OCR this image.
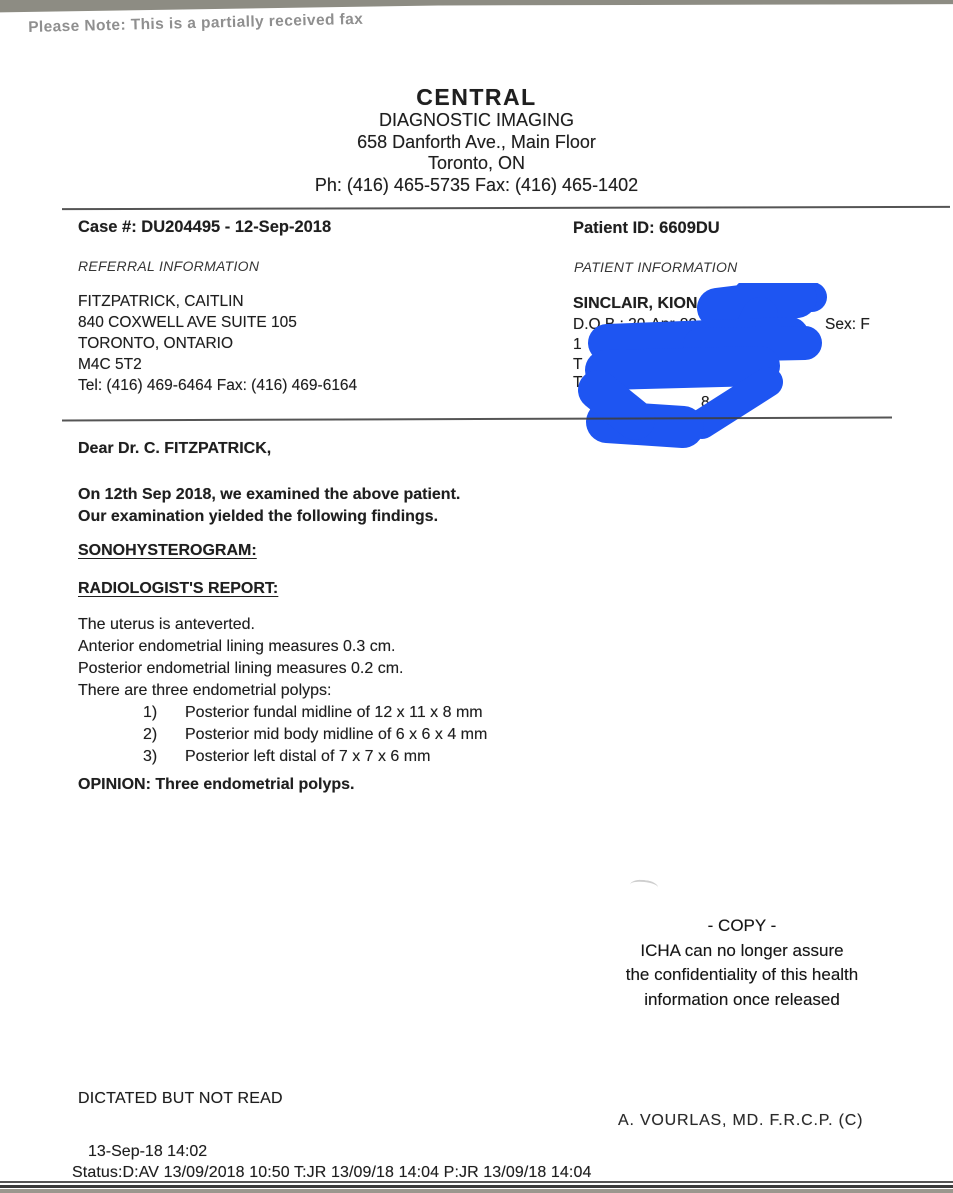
Please Note: This is a partially received fax
CENTRAL
DIAGNOSTIC IMAGING
658 Danforth Ave., Main Floor
Toronto, ON
Ph: (416) 465-5735 Fax: (416) 465-1402
Case #: DU204495 - 12-Sep-2018	Patient ID: 6609DU
REFERRAL INFORMATION	PATIENT INFORMATION
FITZPATRICK, CAITLIN
840 COXWELL AVE SUITE 105
TORONTO, ONTARIO
M4C 5T2
Tel: (416) 469-6464 Fax: (416) 469-6164
SINCLAIR, KIONA AN
D.O.B.: 20-Apr-82	Sex: F
1
T
Te
8
Dear Dr. C. FITZPATRICK,
On 12th Sep 2018, we examined the above patient.
Our examination yielded the following findings.
SONOHYSTEROGRAM:
RADIOLOGIST'S REPORT:
The uterus is anteverted.
Anterior endometrial lining measures 0.3 cm.
Posterior endometrial lining measures 0.2 cm.
There are three endometrial polyps:
1) Posterior fundal midline of 12 x 11 x 8 mm
2) Posterior mid body midline of 6 x 6 x 4 mm
3) Posterior left distal of 7 x 7 x 6 mm
OPINION: Three endometrial polyps.
- COPY -
ICHA can no longer assure
the confidentiality of this health
information once released
DICTATED BUT NOT READ
A. VOURLAS, MD. F.R.C.P. (C)
13-Sep-18 14:02
Status:D:AV 13/09/2018 10:50 T:JR 13/09/18 14:04 P:JR 13/09/18 14:04
